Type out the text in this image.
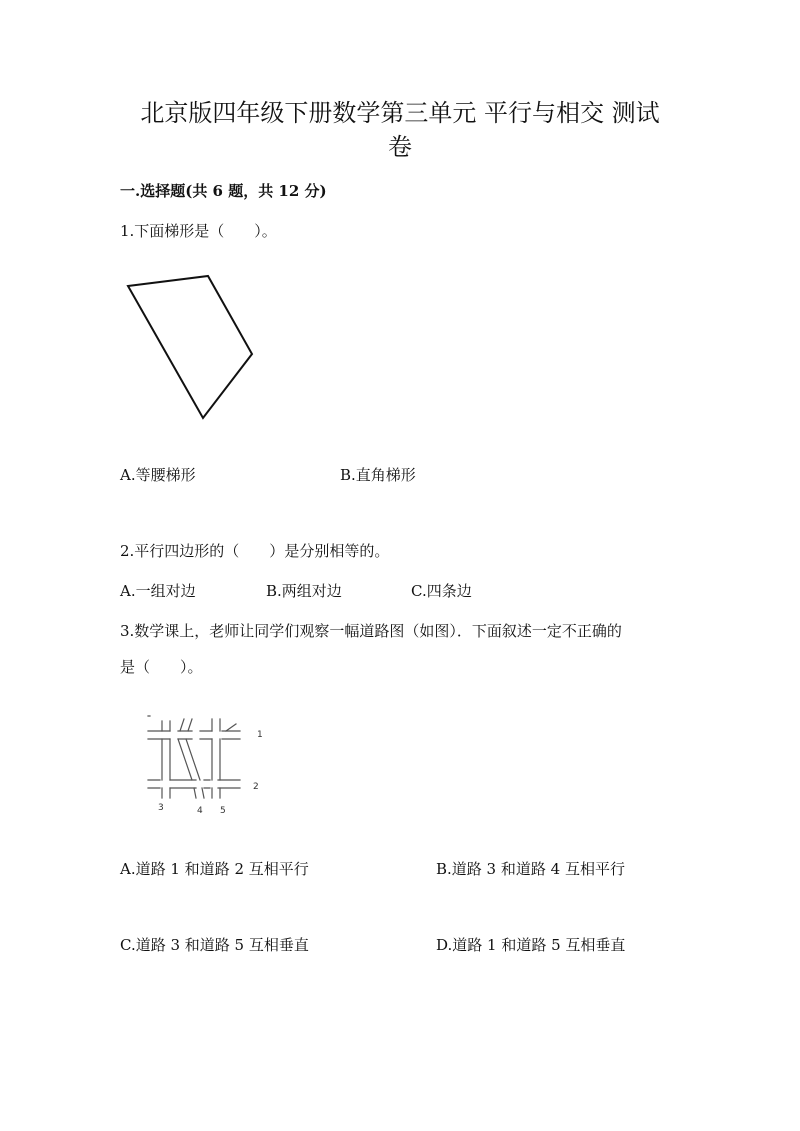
北京版四年级下册数学第三单元 平行与相交 测试
卷
一.选择题(共 6 题，共 12 分)
1.下面梯形是（　　）。
A.等腰梯形	B.直角梯形
2.平行四边形的（　　）是分别相等的。
A.一组对边	B.两组对边	C.四条边
3.数学课上，老师让同学们观察一幅道路图（如图）．下面叙述一定不正确的
是（　　）。
1
2
3	4 5
A.道路 1 和道路 2 互相平行	B.道路 3 和道路 4 互相平行
C.道路 3 和道路 5 互相垂直	D.道路 1 和道路 5 互相垂直
